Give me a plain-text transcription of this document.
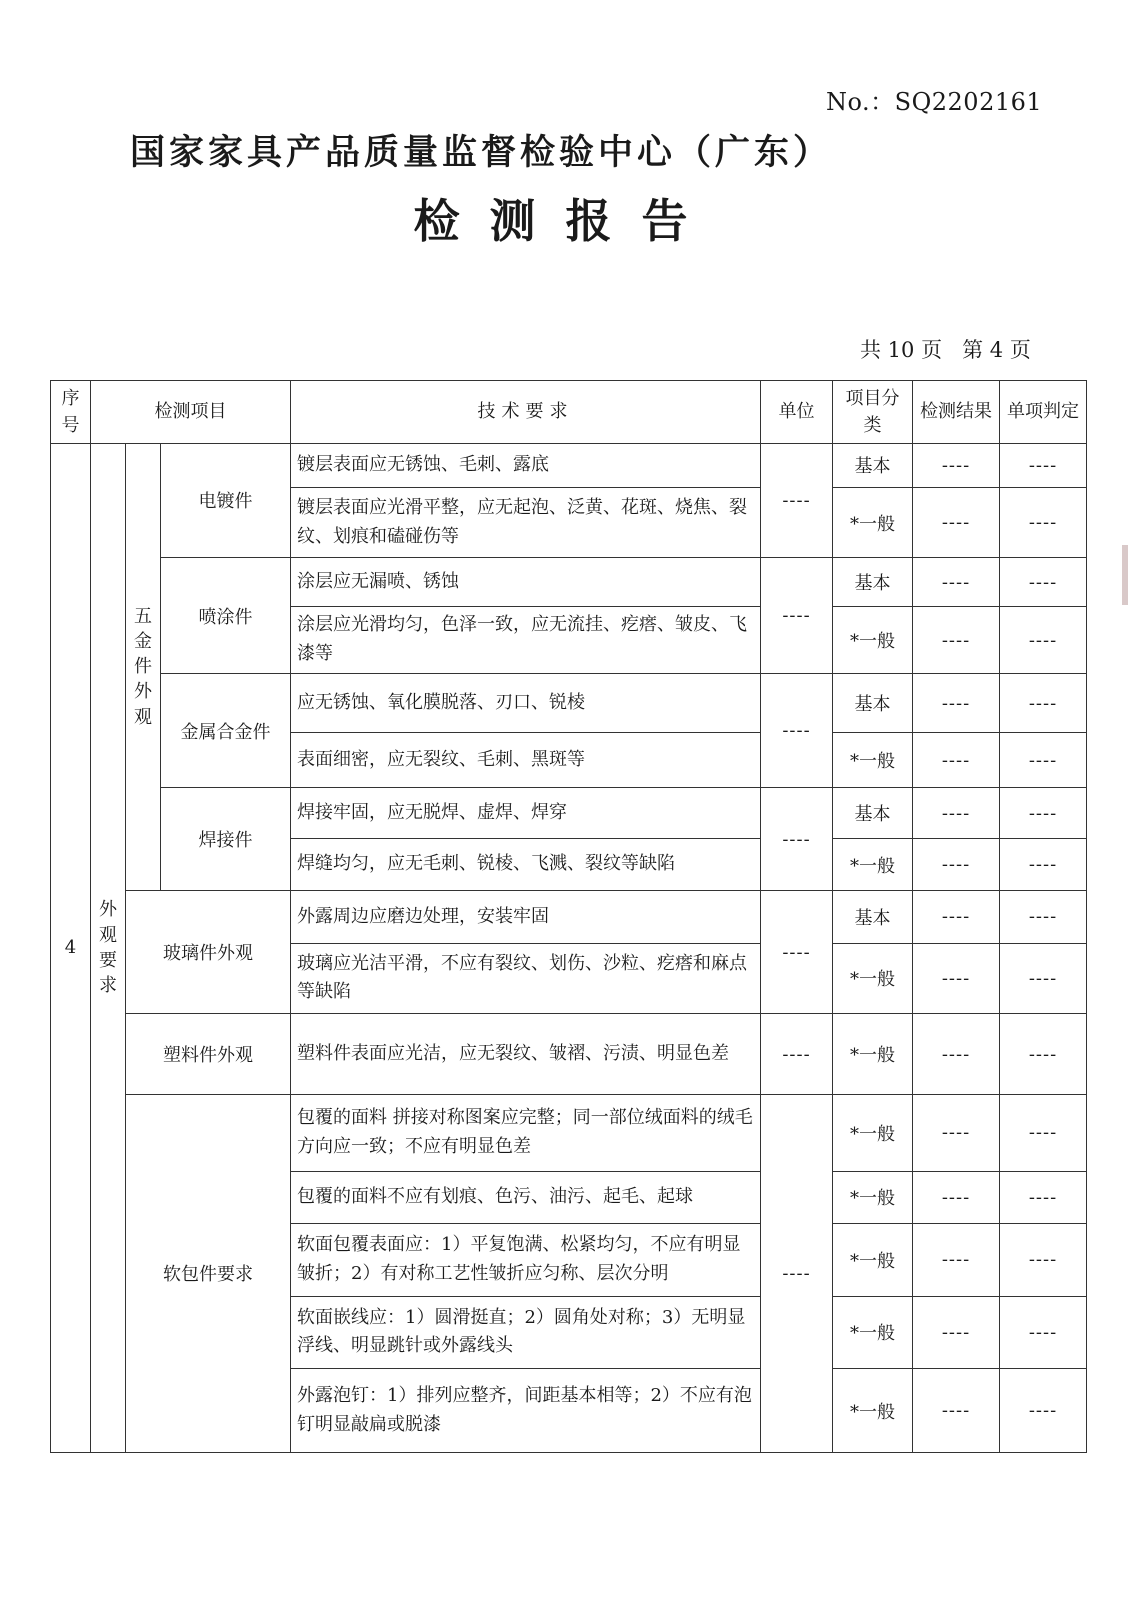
No.：SQ2202161
国家家具产品质量监督检验中心（广东）
检测报告
共 10 页 第 4 页
序号	检测项目			技术要求	单位	项目分类	检测结果	单项判定
4	外观要求	五金件外观	电镀件	镀层表面应无锈蚀、毛刺、露底	----	基本	----	----
				镀层表面应光滑平整，应无起泡、泛黄、花斑、烧焦、裂纹、划痕和磕碰伤等		*一般	----	----
			喷涂件	涂层应无漏喷、锈蚀	----	基本	----	----
				涂层应光滑均匀，色泽一致，应无流挂、疙瘩、皱皮、飞漆等		*一般	----	----
			金属合金件	应无锈蚀、氧化膜脱落、刃口、锐棱	----	基本	----	----
				表面细密，应无裂纹、毛刺、黑斑等		*一般	----	----
			焊接件	焊接牢固，应无脱焊、虚焊、焊穿	----	基本	----	----
				焊缝均匀，应无毛刺、锐棱、飞溅、裂纹等缺陷		*一般	----	----
		玻璃件外观		外露周边应磨边处理，安装牢固	----	基本	----	----
				玻璃应光洁平滑，不应有裂纹、划伤、沙粒、疙瘩和麻点等缺陷		*一般	----	----
		塑料件外观		塑料件表面应光洁，应无裂纹、皱褶、污渍、明显色差	----	*一般	----	----
		软包件要求		包覆的面料 拼接对称图案应完整；同一部位绒面料的绒毛方向应一致；不应有明显色差	----	*一般	----	----
				包覆的面料不应有划痕、色污、油污、起毛、起球		*一般	----	----
				软面包覆表面应：1）平复饱满、松紧均匀，不应有明显皱折；2）有对称工艺性皱折应匀称、层次分明		*一般	----	----
				软面嵌线应：1）圆滑挺直；2）圆角处对称；3）无明显浮线、明显跳针或外露线头		*一般	----	----
				外露泡钉：1）排列应整齐，间距基本相等；2）不应有泡钉明显敲扁或脱漆		*一般	----	----
